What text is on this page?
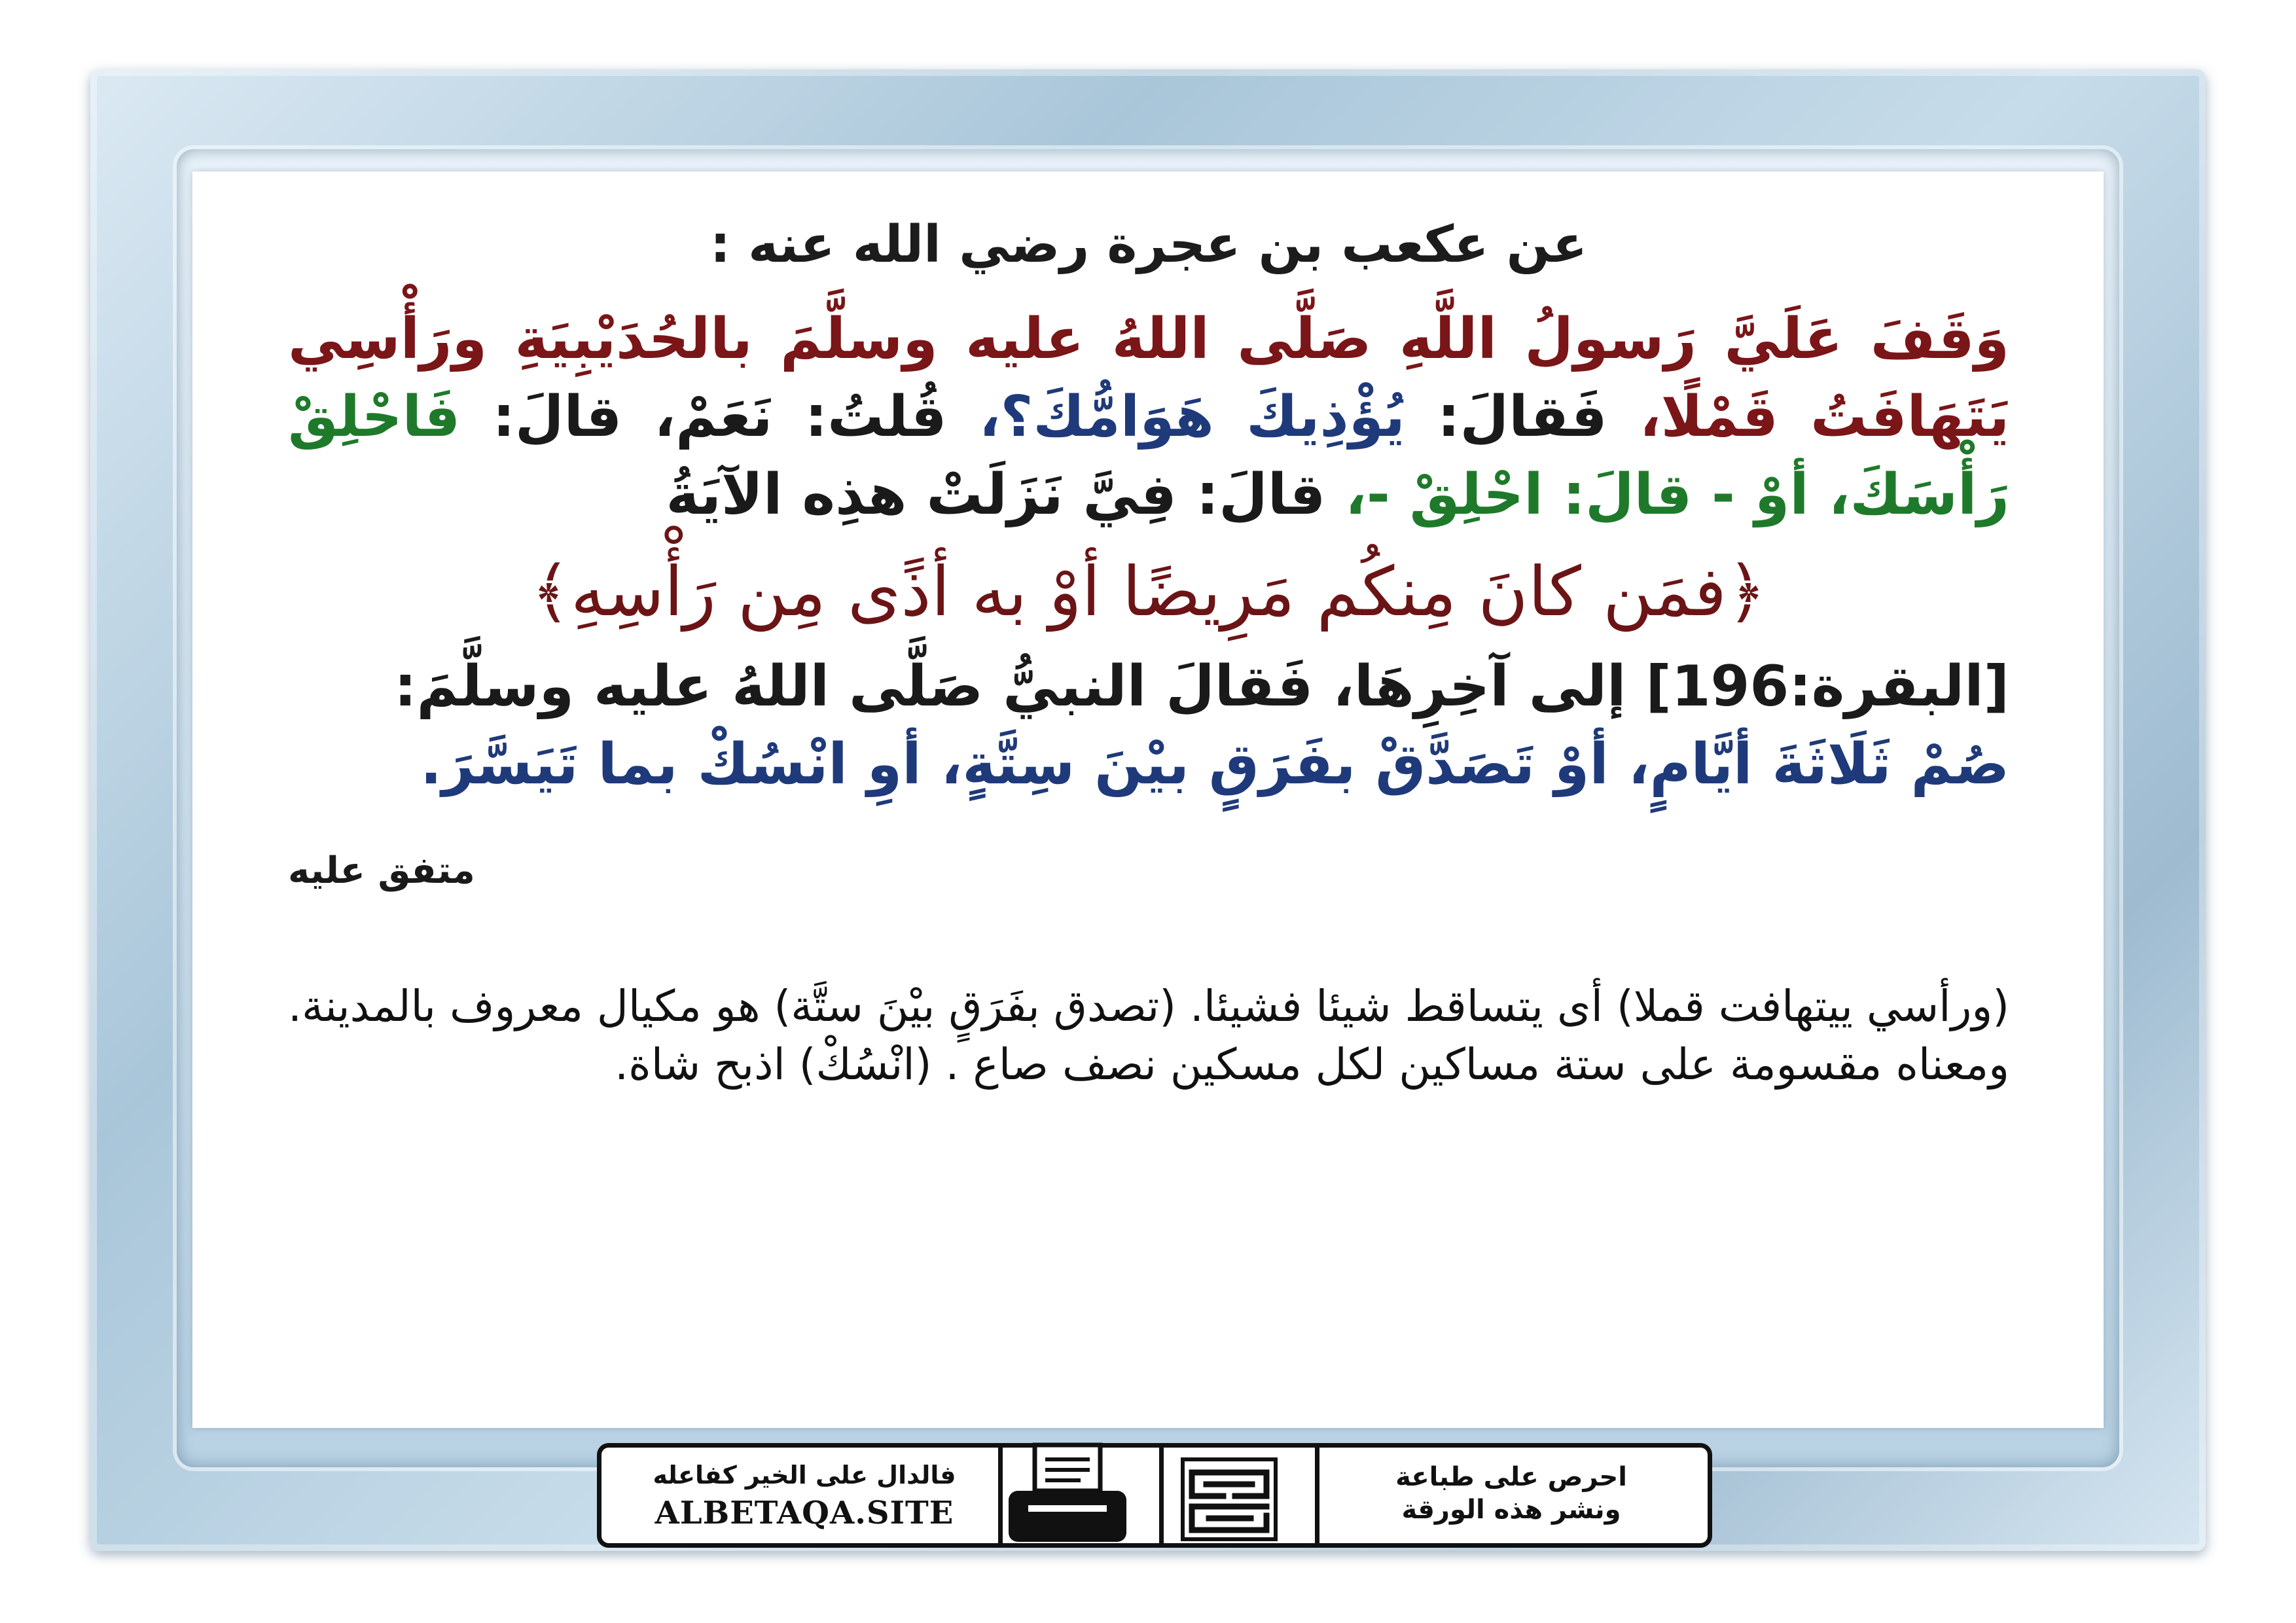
عن عكعب بن عجرة رضي الله عنه :
وَقَفَ عَلَيَّ رَسولُ اللَّهِ صَلَّى اللهُ عليه وسلَّمَ بالحُدَيْبِيَةِ ورَأْسِي يَتَهَافَتُ قَمْلًا، فَقالَ: يُؤْذِيكَ هَوَامُّكَ؟، قُلتُ: نَعَمْ، قالَ: فَاحْلِقْ رَأْسَكَ، أوْ - قالَ: احْلِقْ -، قالَ: فِيَّ نَزَلَتْ هذِه الآيَةُ
﴿فمَن كانَ مِنكُم مَرِيضًا أوْ به أذًى مِن رَأْسِهِ﴾
[البقرة:196] إلى آخِرِهَا، فَقالَ النبيُّ صَلَّى اللهُ عليه وسلَّمَ:
صُمْ ثَلَاثَةَ أيَّامٍ، أوْ تَصَدَّقْ بفَرَقٍ بيْنَ سِتَّةٍ، أوِ انْسُكْ بما تَيَسَّرَ.
متفق عليه
(ورأسي ييتهافت قملا) أى يتساقط شيئا فشيئا. (تصدق بفَرَقٍ بيْنَ ستَّة) هو مكيال معروف بالمدينة. ومعناه مقسومة على ستة مساكين لكل مسكين نصف صاع . (انْسُكْ) اذبح شاة.
فالدال على الخير كفاعله
ALBETAQA.SITE
احرص على طباعة
ونشر هذه الورقة
